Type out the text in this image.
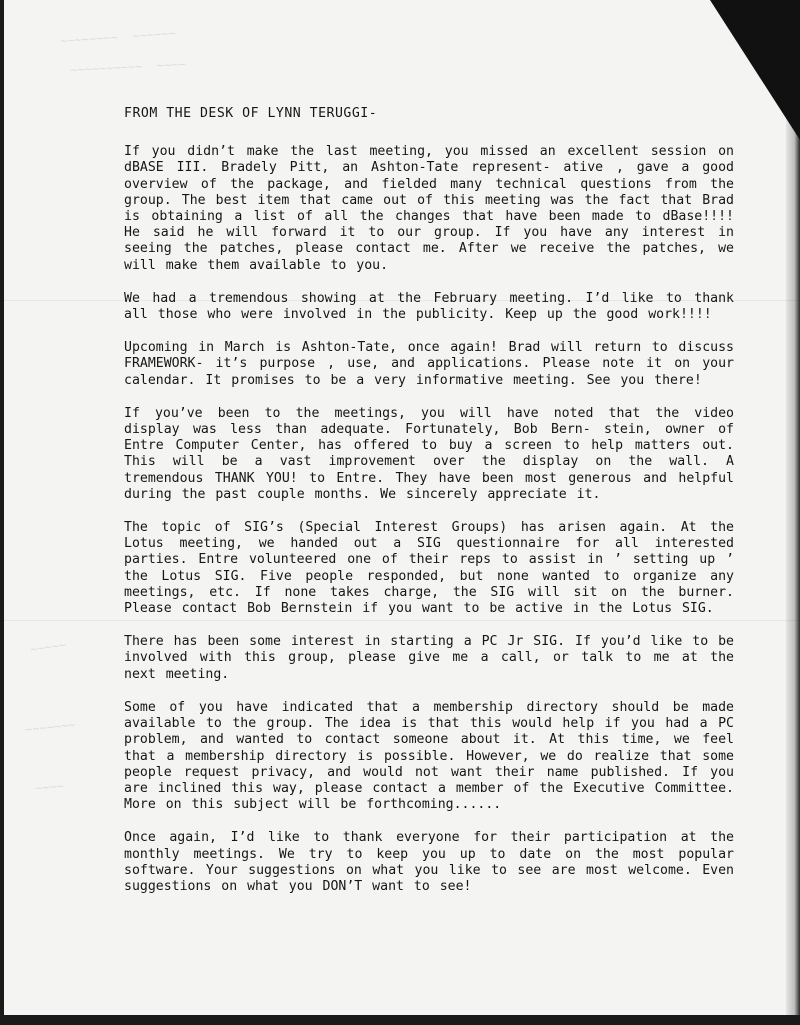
~~~~~~~~  ~~~~~~
~~~~~~~~~~  ~~~~
~~~~~
~~~~~~~
~~~~
FROM THE DESK OF LYNN TERUGGI-

If you didn’t make the last meeting, you missed an excellent session on dBASE III. Bradely Pitt, an Ashton-Tate represent- ative , gave a good overview of the package, and fielded many technical questions from the group. The best item that came out of this meeting was the fact that Brad is obtaining a list of all the changes that have been made to dBase!!!! He said he will forward it to our group. If you have any interest in seeing the patches, please contact me. After we receive the patches, we will make them available to you.

We had a tremendous showing at the February meeting. I’d like to thank all those who were involved in the publicity. Keep up the good work!!!!

Upcoming in March is Ashton-Tate, once again! Brad will return to discuss FRAMEWORK- it’s purpose , use, and applications. Please note it on your calendar. It promises to be a very informative meeting. See you there!

If you’ve been to the meetings, you will have noted that the video display was less than adequate. Fortunately, Bob Bern- stein, owner of Entre Computer Center, has offered to buy a screen to help matters out. This will be a vast improvement over the display on the wall. A tremendous THANK YOU! to Entre. They have been most generous and helpful during the past couple months. We sincerely appreciate it.

The topic of SIG’s (Special Interest Groups) has arisen again. At the Lotus meeting, we handed out a SIG questionnaire for all interested parties. Entre volunteered one of their reps to assist in ’ setting up ’ the Lotus SIG. Five people responded, but none wanted to organize any meetings, etc. If none takes charge, the SIG will sit on the burner. Please contact Bob Bernstein if you want to be active in the Lotus SIG.

There has been some interest in starting a PC Jr SIG. If you’d like to be involved with this group, please give me a call, or talk to me at the next meeting.

Some of you have indicated that a membership directory should be made available to the group. The idea is that this would help if you had a PC problem, and wanted to contact someone about it. At this time, we feel that a membership directory is possible. However, we do realize that some people request privacy, and would not want their name published. If you are inclined this way, please contact a member of the Executive Committee. More on this subject will be forthcoming......

Once again, I’d like to thank everyone for their participation at the monthly meetings. We try to keep you up to date on the most popular software. Your suggestions on what you like to see are most welcome. Even suggestions on what you DON’T want to see!
